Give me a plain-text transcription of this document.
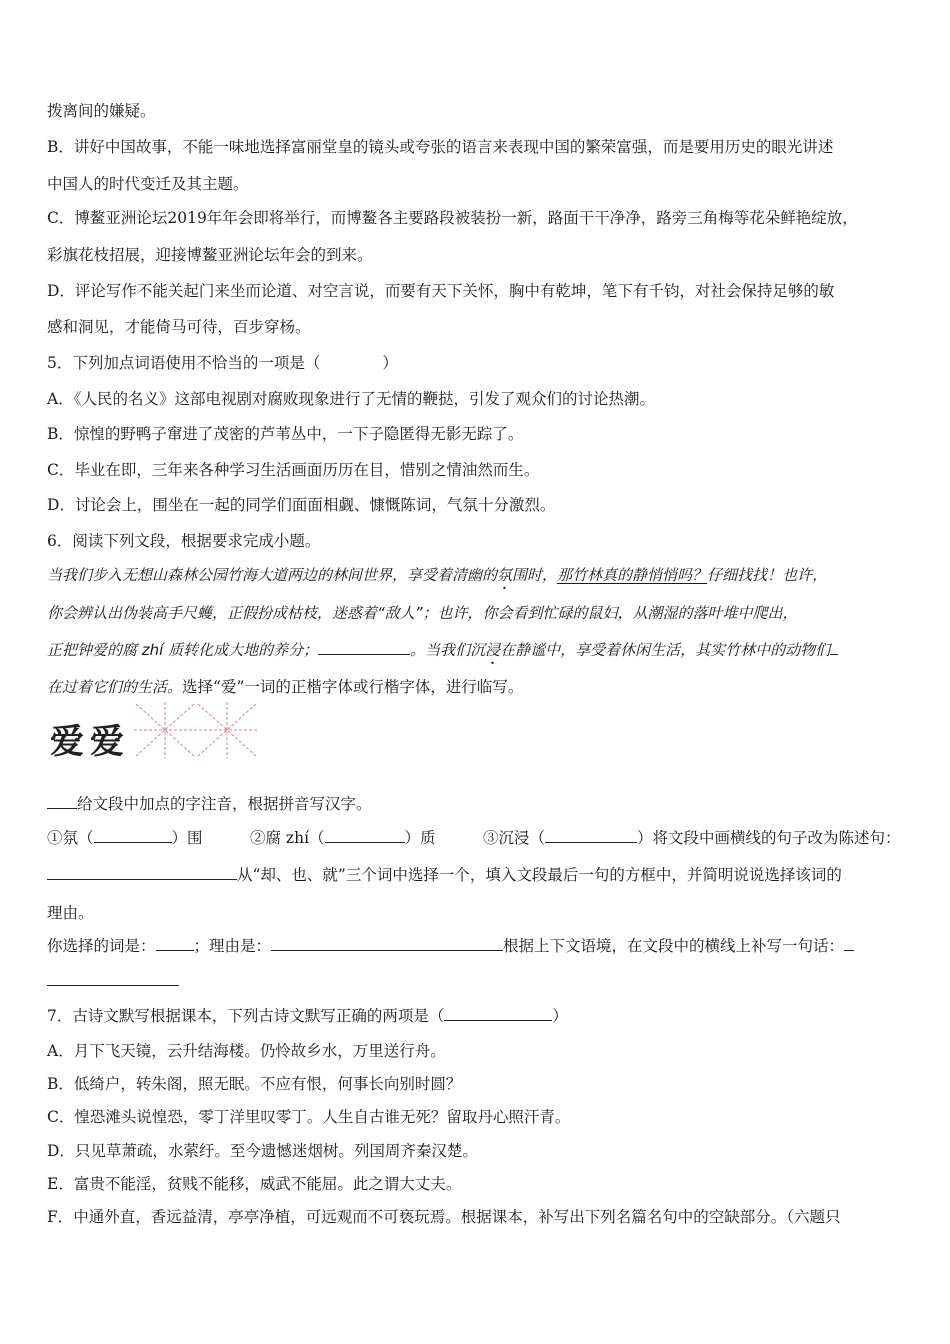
拨离间的嫌疑。
B．讲好中国故事，不能一味地选择富丽堂皇的镜头或夸张的语言来表现中国的繁荣富强，而是要用历史的眼光讲述
中国人的时代变迁及其主题。
C．博鳌亚洲论坛2019年年会即将举行，而博鳌各主要路段被装扮一新，路面干干净净，路旁三角梅等花朵鲜艳绽放，
彩旗花枝招展，迎接博鳌亚洲论坛年会的到来。
D．评论写作不能关起门来坐而论道、对空言说，而要有天下关怀，胸中有乾坤，笔下有千钧，对社会保持足够的敏
感和洞见，才能倚马可待，百步穿杨。
5．下列加点词语使用不恰当的一项是（　　　　）
A．《人民的名义》这部电视剧对腐败现象进行了无情的鞭挞，引发了观众们的讨论热潮。
B．惊惶的野鸭子窜进了茂密的芦苇丛中，一下子隐匿得无影无踪了。
C．毕业在即，三年来各种学习生活画面历历在目，惜别之情油然而生。
D．讨论会上，围坐在一起的同学们面面相觑、慷慨陈词，气氛十分激烈。
6．阅读下列文段，根据要求完成小题。
当我们步入无想山森林公园竹海大道两边的林间世界，享受着清幽的氛围时，那竹林真的静悄悄吗？仔细找找！也许，
你会辨认出伪装高手尺蠖，正假扮成枯枝，迷惑着“敌人”；也许，你会看到忙碌的鼠妇，从潮湿的落叶堆中爬出，
正把钟爱的腐 zhí 质转化成大地的养分；	。当我们沉浸在静谧中，享受着休闲生活，其实竹林中的动物们
在过着它们的生活。选择“爱”一词的正楷字体或行楷字体，进行临写。
爱爱
给文段中加点的字注音，根据拼音写汉字。
①氛（	）围	②腐 zhí（	）质	③沉浸（	）将文段中画横线的句子改为陈述句：
从“却、也、就”三个词中选择一个，填入文段最后一句的方框中，并简明说说选择该词的
理由。
你选择的词是： ；理由是：	根据上下文语境，在文段中的横线上补写一句话：
7．古诗文默写根据课本，下列古诗文默写正确的两项是（	）
A．月下飞天镜，云升结海楼。仍怜故乡水，万里送行舟。
B．低绮户，转朱阁，照无眠。不应有恨，何事长向别时圆？
C．惶恐滩头说惶恐，零丁洋里叹零丁。人生自古谁无死？留取丹心照汗青。
D．只见草萧疏，水萦纡。至今遗憾迷烟树。列国周齐秦汉楚。
E．富贵不能淫，贫贱不能移，威武不能屈。此之谓大丈夫。
F．中通外直，香远益清，亭亭净植，可远观而不可亵玩焉。根据课本，补写出下列名篇名句中的空缺部分。（六题只
